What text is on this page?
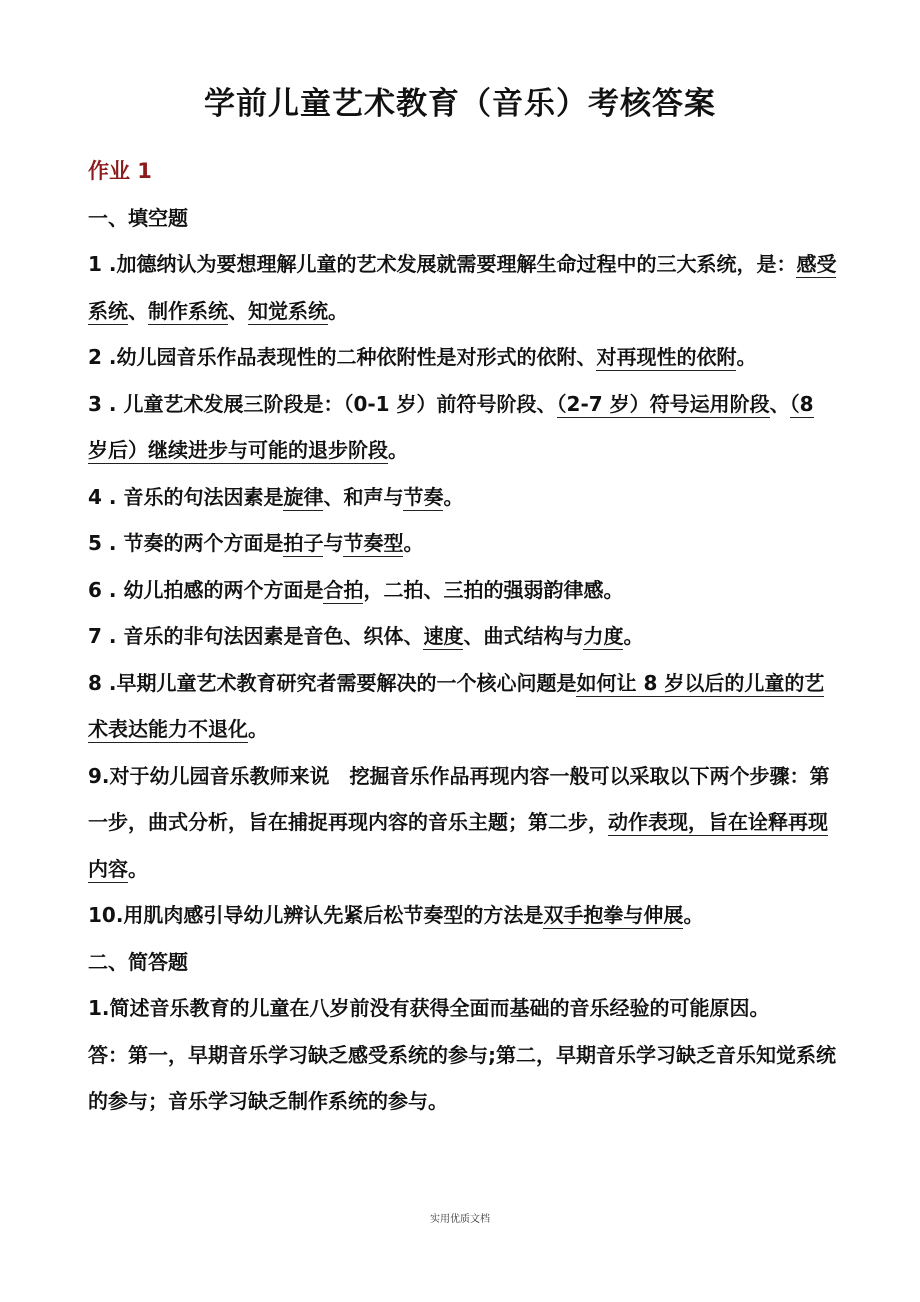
学前儿童艺术教育（音乐）考核答案

作业 1

一、填空题

1 .加德纳认为要想理解儿童的艺术发展就需要理解生命过程中的三大系统，是：感受系统、制作系统、知觉系统。

2 .幼儿园音乐作品表现性的二种依附性是对形式的依附、对再现性的依附。

3 . 儿童艺术发展三阶段是：（0-1 岁）前符号阶段、（2-7 岁）符号运用阶段、（8 岁后）继续进步与可能的退步阶段。

4 . 音乐的句法因素是旋律、和声与节奏。

5 . 节奏的两个方面是拍子与节奏型。

6 . 幼儿拍感的两个方面是合拍，二拍、三拍的强弱韵律感。

7 . 音乐的非句法因素是音色、织体、速度、曲式结构与力度。

8 .早期儿童艺术教育研究者需要解决的一个核心问题是如何让 8 岁以后的儿童的艺术表达能力不退化。

9.对于幼儿园音乐教师来说　挖掘音乐作品再现内容一般可以采取以下两个步骤：第一步，曲式分析，旨在捕捉再现内容的音乐主题；第二步，动作表现，旨在诠释再现内容。

10.用肌肉感引导幼儿辨认先紧后松节奏型的方法是双手抱拳与伸展。

二、简答题

1.简述音乐教育的儿童在八岁前没有获得全面而基础的音乐经验的可能原因。

答：第一，早期音乐学习缺乏感受系统的参与;第二，早期音乐学习缺乏音乐知觉系统的参与；音乐学习缺乏制作系统的参与。

实用优质文档
